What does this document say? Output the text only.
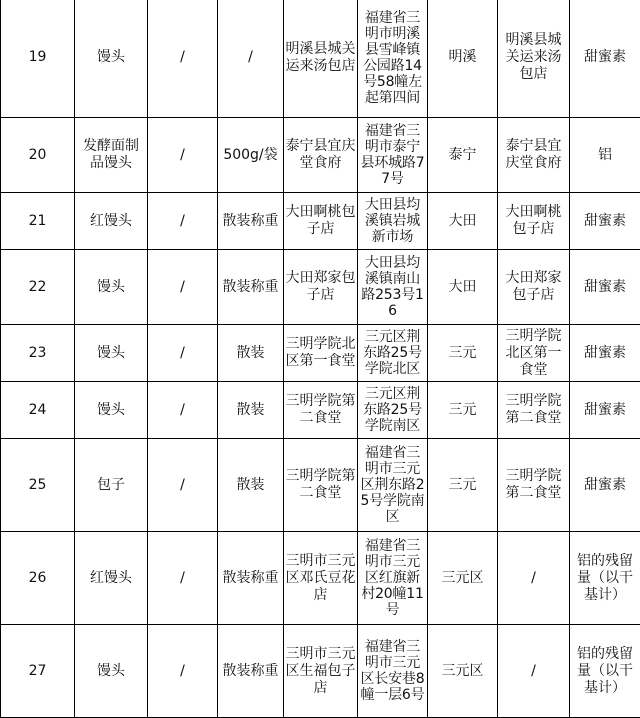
19	馒头	/	/	明溪县城关运来汤包店	福建省三明市明溪县雪峰镇公园路14号58幢左起第四间	明溪	明溪县城关运来汤包店	甜蜜素

20	发酵面制品馒头	/	500g/袋	泰宁县宜庆堂食府	福建省三明市泰宁县环城路77号	泰宁	泰宁县宜庆堂食府	铝
21	红馒头	/	散装称重	大田啊桃包子店	大田县均溪镇岩城新市场	大田	大田啊桃包子店	甜蜜素
22	馒头	/	散装称重	大田郑家包子店	大田县均溪镇南山路253号16	大田	大田郑家包子店	甜蜜素
23	馒头	/	散装	三明学院北区第一食堂	三元区荆东路25号学院北区	三元	三明学院北区第一食堂	甜蜜素
24	馒头	/	散装	三明学院第二食堂	三元区荆东路25号学院南区	三元	三明学院第二食堂	甜蜜素
25	包子	/	散装	三明学院第二食堂	福建省三明市三元区荆东路25号学院南区	三元	三明学院第二食堂	甜蜜素
26	红馒头	/	散装称重	三明市三元区邓氏豆花店	福建省三明市三元区红旗新村20幢11号	三元区	/	铝的残留量（以干基计）

27	馒头	/	散装称重	三明市三元区生福包子店	福建省三明市三元区长安巷8幢一层6号	三元区	/	铝的残留量（以干基计）
